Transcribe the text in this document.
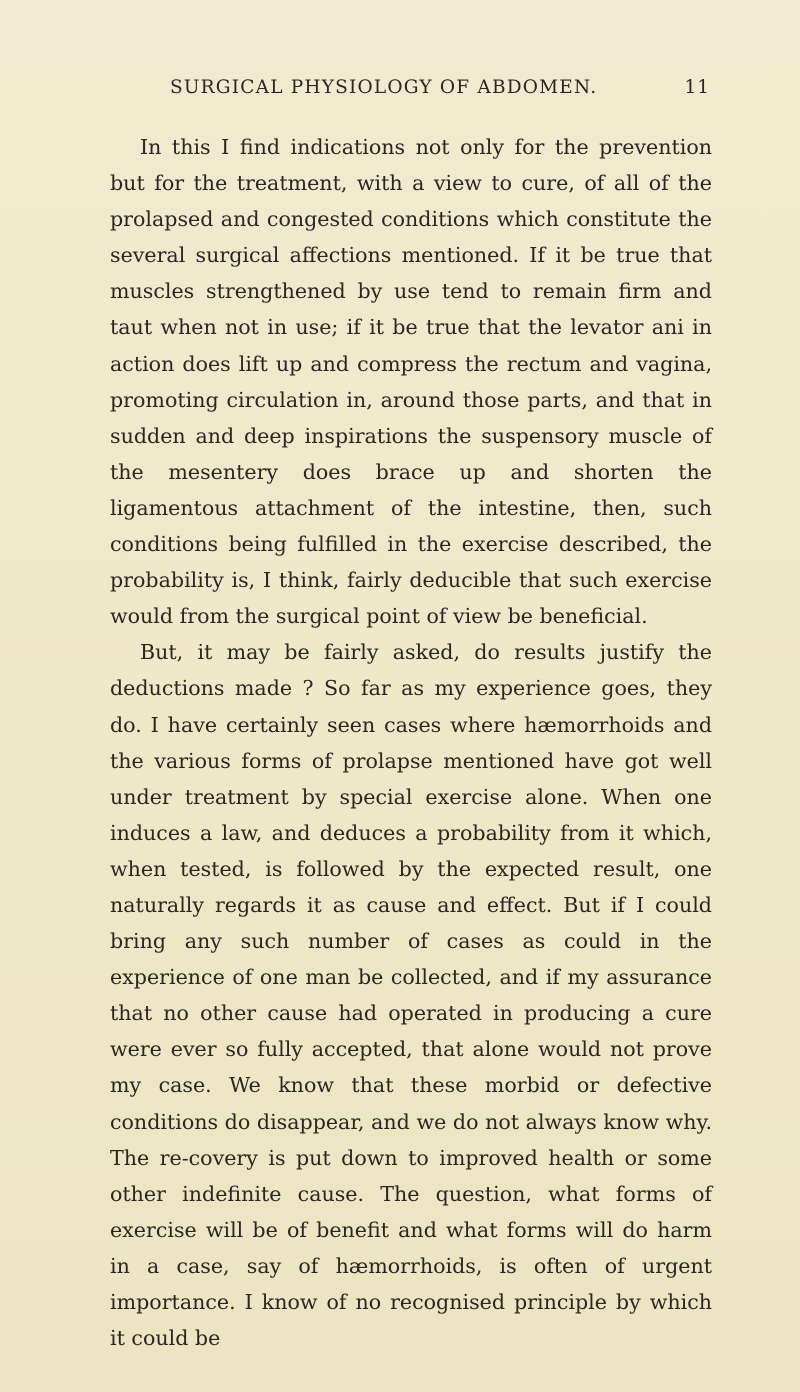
SURGICAL PHYSIOLOGY OF ABDOMEN.	11

In this I find indications not only for the prevention but for the treatment, with a view to cure, of all of the prolapsed and congested conditions which constitute the several surgical affections mentioned. If it be true that muscles strengthened by use tend to remain firm and taut when not in use; if it be true that the levator ani in action does lift up and compress the rectum and vagina, promoting circulation in, around those parts, and that in sudden and deep inspirations the suspensory muscle of the mesentery does brace up and shorten the ligamentous attachment of the intestine, then, such conditions being fulfilled in the exercise described, the probability is, I think, fairly deducible that such exercise would from the surgical point of view be beneficial.

But, it may be fairly asked, do results justify the deductions made ? So far as my experience goes, they do. I have certainly seen cases where hæmorrhoids and the various forms of prolapse mentioned have got well under treatment by special exercise alone. When one induces a law, and deduces a probability from it which, when tested, is followed by the expected result, one naturally regards it as cause and effect. But if I could bring any such number of cases as could in the experience of one man be collected, and if my assurance that no other cause had operated in producing a cure were ever so fully accepted, that alone would not prove my case. We know that these morbid or defective conditions do disappear, and we do not always know why. The re-covery is put down to improved health or some other indefinite cause. The question, what forms of exercise will be of benefit and what forms will do harm in a case, say of hæmorrhoids, is often of urgent importance. I know of no recognised principle by which it could be
